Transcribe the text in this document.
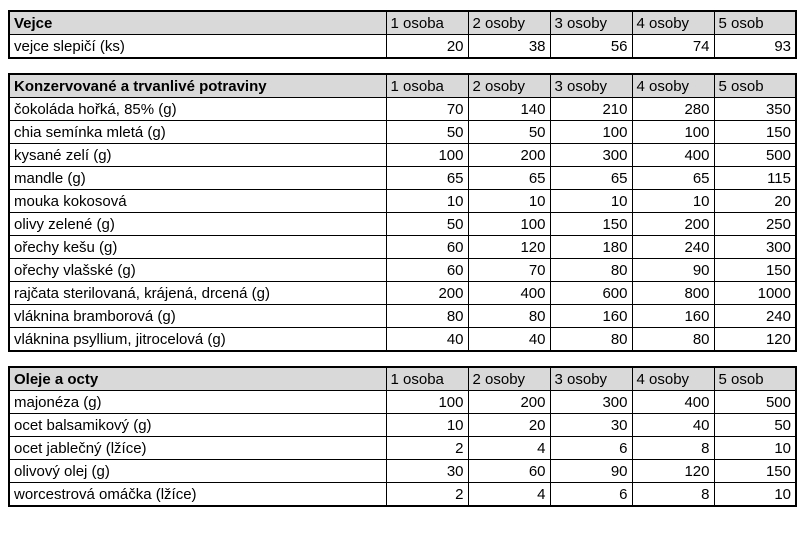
Vejce	1 osoba	2 osoby	3 osoby	4 osoby	5 osob
vejce slepičí (ks)	20	38	56	74	93
Konzervované a trvanlivé potraviny	1 osoba	2 osoby	3 osoby	4 osoby	5 osob
čokoláda hořká, 85% (g)	70	140	210	280	350
chia semínka mletá (g)	50	50	100	100	150
kysané zelí (g)	100	200	300	400	500
mandle (g)	65	65	65	65	115
mouka kokosová	10	10	10	10	20
olivy zelené (g)	50	100	150	200	250
ořechy kešu (g)	60	120	180	240	300
ořechy vlašské (g)	60	70	80	90	150
rajčata sterilovaná, krájená, drcená (g)	200	400	600	800	1000
vláknina bramborová (g)	80	80	160	160	240
vláknina psyllium, jitrocelová (g)	40	40	80	80	120
Oleje a octy	1 osoba	2 osoby	3 osoby	4 osoby	5 osob
majonéza (g)	100	200	300	400	500
ocet balsamikový (g)	10	20	30	40	50
ocet jablečný (lžíce)	2	4	6	8	10
olivový olej (g)	30	60	90	120	150
worcestrová omáčka (lžíce)	2	4	6	8	10
